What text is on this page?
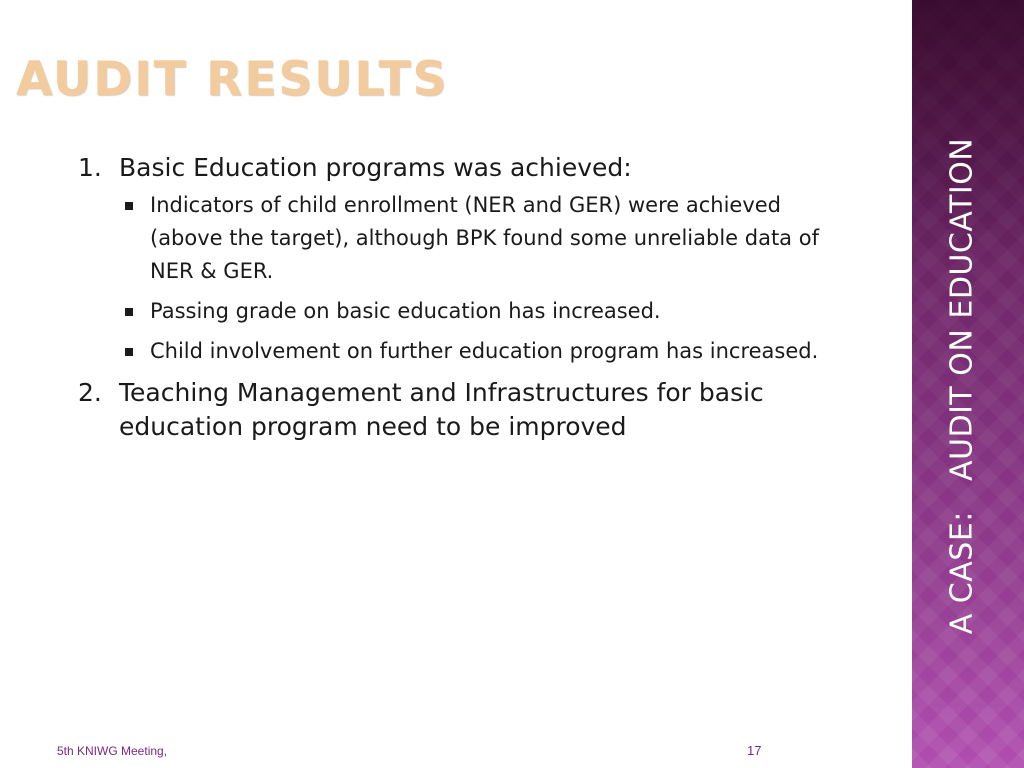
AUDIT RESULTS
1. Basic Education programs was achieved:
Indicators of child enrollment (NER and GER) were achieved (above the target), although BPK found some unreliable data of NER & GER.
Passing grade on basic education has increased.
Child involvement on further education program has increased.
2. Teaching Management and Infrastructures for basic education program need to be improved
5th KNIWG Meeting,	17
A CASE:   AUDIT ON EDUCATION
